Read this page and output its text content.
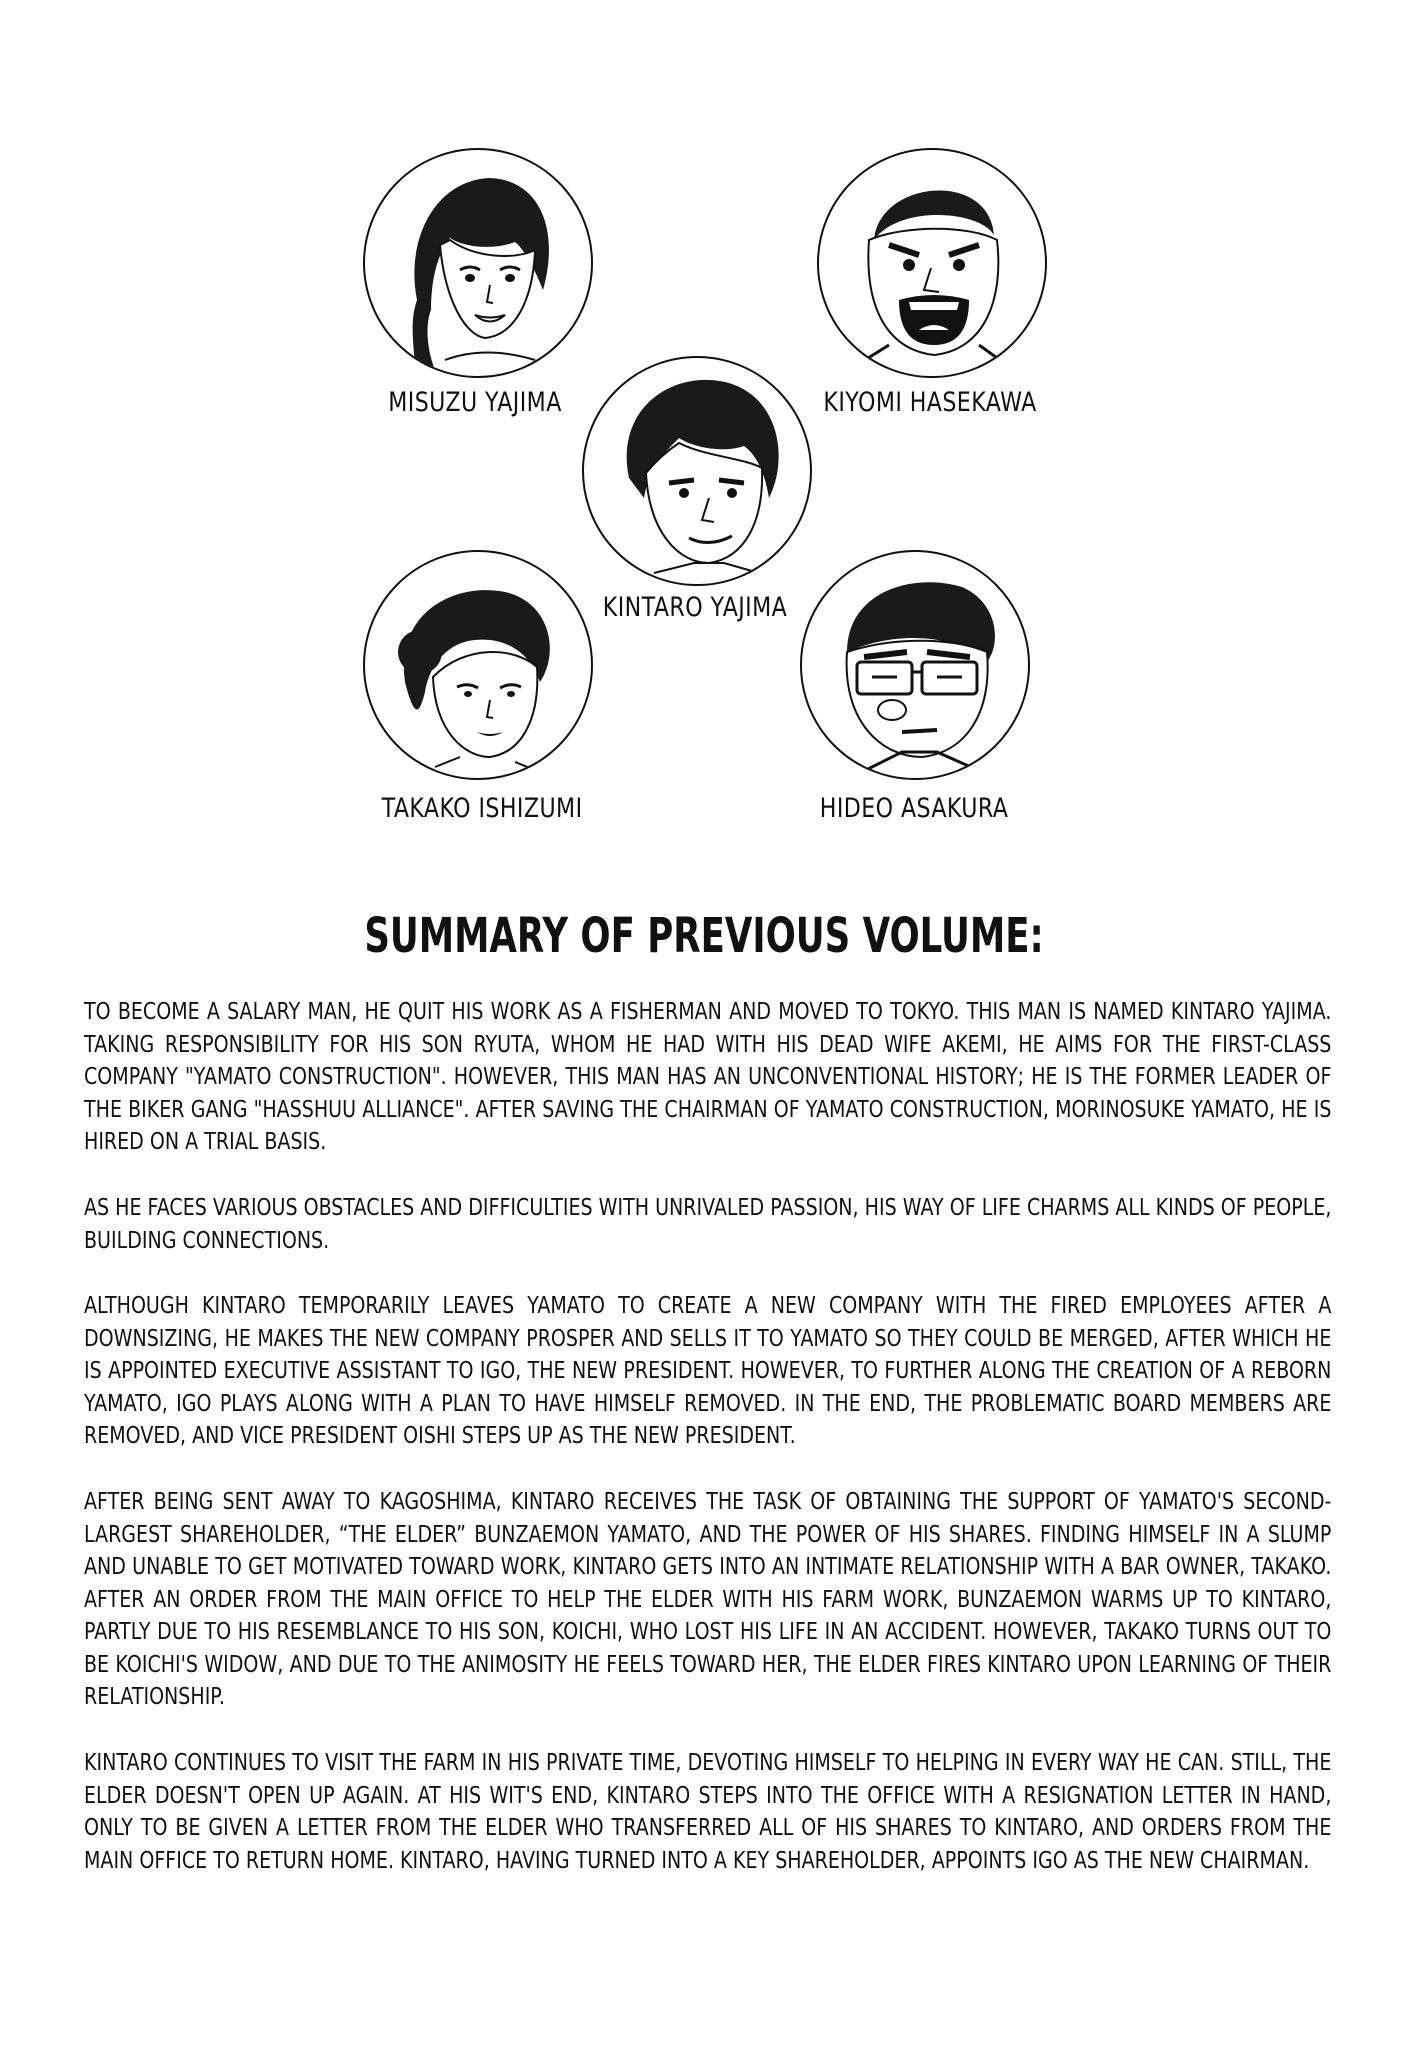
MISUZU YAJIMA	KIYOMI HASEKAWA
KINTARO YAJIMA
TAKAKO ISHIZUMI	HIDEO ASAKURA
SUMMARY OF PREVIOUS VOLUME:
TO BECOME A SALARY MAN, HE QUIT HIS WORK AS A FISHERMAN AND MOVED TO TOKYO. THIS MAN IS NAMED KINTARO YAJIMA. TAKING RESPONSIBILITY FOR HIS SON RYUTA, WHOM HE HAD WITH HIS DEAD WIFE AKEMI, HE AIMS FOR THE FIRST-CLASS COMPANY "YAMATO CONSTRUCTION". HOWEVER, THIS MAN HAS AN UNCONVENTIONAL HISTORY; HE IS THE FORMER LEADER OF THE BIKER GANG "HASSHUU ALLIANCE". AFTER SAVING THE CHAIRMAN OF YAMATO CONSTRUCTION, MORINOSUKE YAMATO, HE IS HIRED ON A TRIAL BASIS.
AS HE FACES VARIOUS OBSTACLES AND DIFFICULTIES WITH UNRIVALED PASSION, HIS WAY OF LIFE CHARMS ALL KINDS OF PEOPLE, BUILDING CONNECTIONS.
ALTHOUGH KINTARO TEMPORARILY LEAVES YAMATO TO CREATE A NEW COMPANY WITH THE FIRED EMPLOYEES AFTER A DOWNSIZING, HE MAKES THE NEW COMPANY PROSPER AND SELLS IT TO YAMATO SO THEY COULD BE MERGED, AFTER WHICH HE IS APPOINTED EXECUTIVE ASSISTANT TO IGO, THE NEW PRESIDENT. HOWEVER, TO FURTHER ALONG THE CREATION OF A REBORN YAMATO, IGO PLAYS ALONG WITH A PLAN TO HAVE HIMSELF REMOVED. IN THE END, THE PROBLEMATIC BOARD MEMBERS ARE REMOVED, AND VICE PRESIDENT OISHI STEPS UP AS THE NEW PRESIDENT.
AFTER BEING SENT AWAY TO KAGOSHIMA, KINTARO RECEIVES THE TASK OF OBTAINING THE SUPPORT OF YAMATO'S SECOND-LARGEST SHAREHOLDER, “THE ELDER” BUNZAEMON YAMATO, AND THE POWER OF HIS SHARES. FINDING HIMSELF IN A SLUMP AND UNABLE TO GET MOTIVATED TOWARD WORK, KINTARO GETS INTO AN INTIMATE RELATIONSHIP WITH A BAR OWNER, TAKAKO. AFTER AN ORDER FROM THE MAIN OFFICE TO HELP THE ELDER WITH HIS FARM WORK, BUNZAEMON WARMS UP TO KINTARO, PARTLY DUE TO HIS RESEMBLANCE TO HIS SON, KOICHI, WHO LOST HIS LIFE IN AN ACCIDENT. HOWEVER, TAKAKO TURNS OUT TO BE KOICHI'S WIDOW, AND DUE TO THE ANIMOSITY HE FEELS TOWARD HER, THE ELDER FIRES KINTARO UPON LEARNING OF THEIR RELATIONSHIP.
KINTARO CONTINUES TO VISIT THE FARM IN HIS PRIVATE TIME, DEVOTING HIMSELF TO HELPING IN EVERY WAY HE CAN. STILL, THE ELDER DOESN'T OPEN UP AGAIN. AT HIS WIT'S END, KINTARO STEPS INTO THE OFFICE WITH A RESIGNATION LETTER IN HAND, ONLY TO BE GIVEN A LETTER FROM THE ELDER WHO TRANSFERRED ALL OF HIS SHARES TO KINTARO, AND ORDERS FROM THE MAIN OFFICE TO RETURN HOME. KINTARO, HAVING TURNED INTO A KEY SHAREHOLDER, APPOINTS IGO AS THE NEW CHAIRMAN.
